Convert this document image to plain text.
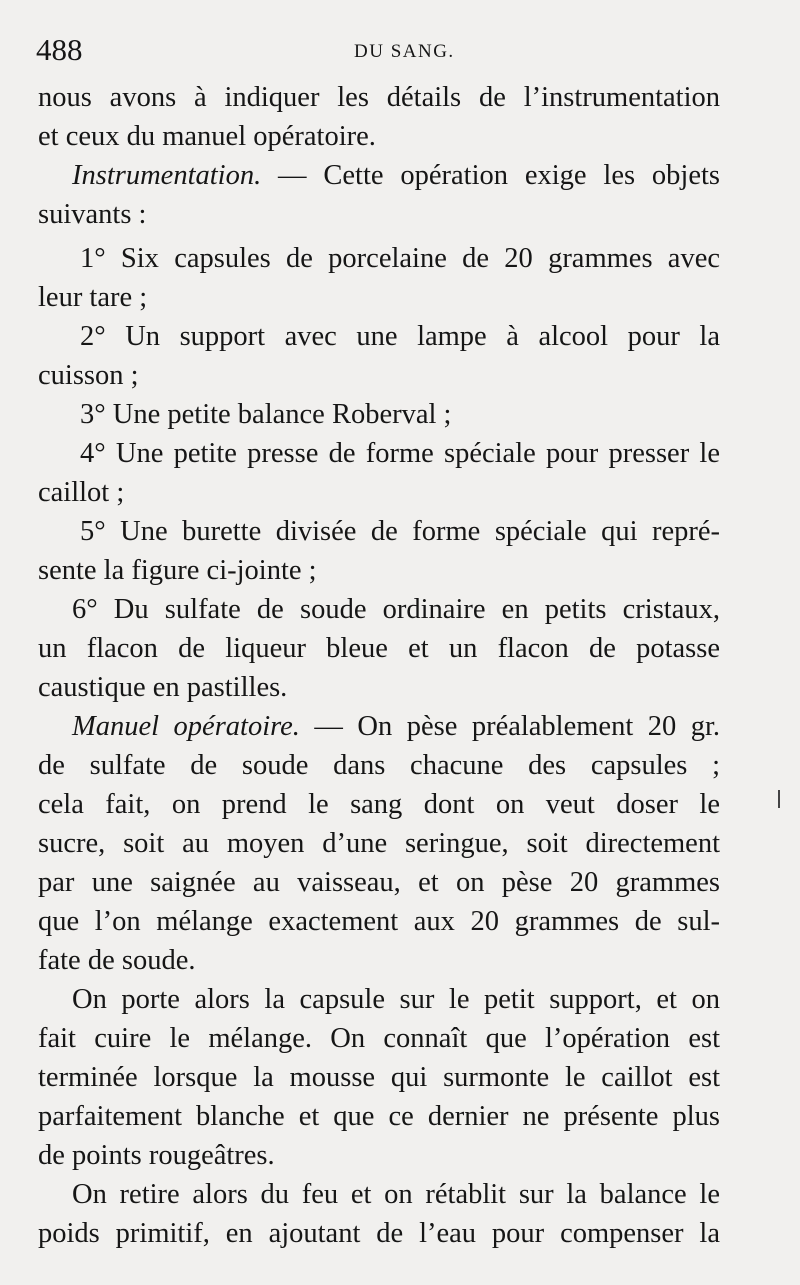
488	DU SANG.
nous avons à indiquer les détails de l’instrumentation
et ceux du manuel opératoire.
Instrumentation. — Cette opération exige les objets
suivants :
1° Six capsules de porcelaine de 20 grammes avec
leur tare ;
2° Un support avec une lampe à alcool pour la
cuisson ;
3° Une petite balance Roberval ;
4° Une petite presse de forme spéciale pour presser le
caillot ;
5° Une burette divisée de forme spéciale qui repré-
sente la figure ci-jointe ;
6° Du sulfate de soude ordinaire en petits cristaux,
un flacon de liqueur bleue et un flacon de potasse
caustique en pastilles.
Manuel opératoire. — On pèse préalablement 20 gr.
de sulfate de soude dans chacune des capsules ;
cela fait, on prend le sang dont on veut doser le
sucre, soit au moyen d’une seringue, soit directement
par une saignée au vaisseau, et on pèse 20 grammes
que l’on mélange exactement aux 20 grammes de sul-
fate de soude.
On porte alors la capsule sur le petit support, et on
fait cuire le mélange. On connaît que l’opération est
terminée lorsque la mousse qui surmonte le caillot est
parfaitement blanche et que ce dernier ne présente plus
de points rougeâtres.
On retire alors du feu et on rétablit sur la balance le
poids primitif, en ajoutant de l’eau pour compenser la
